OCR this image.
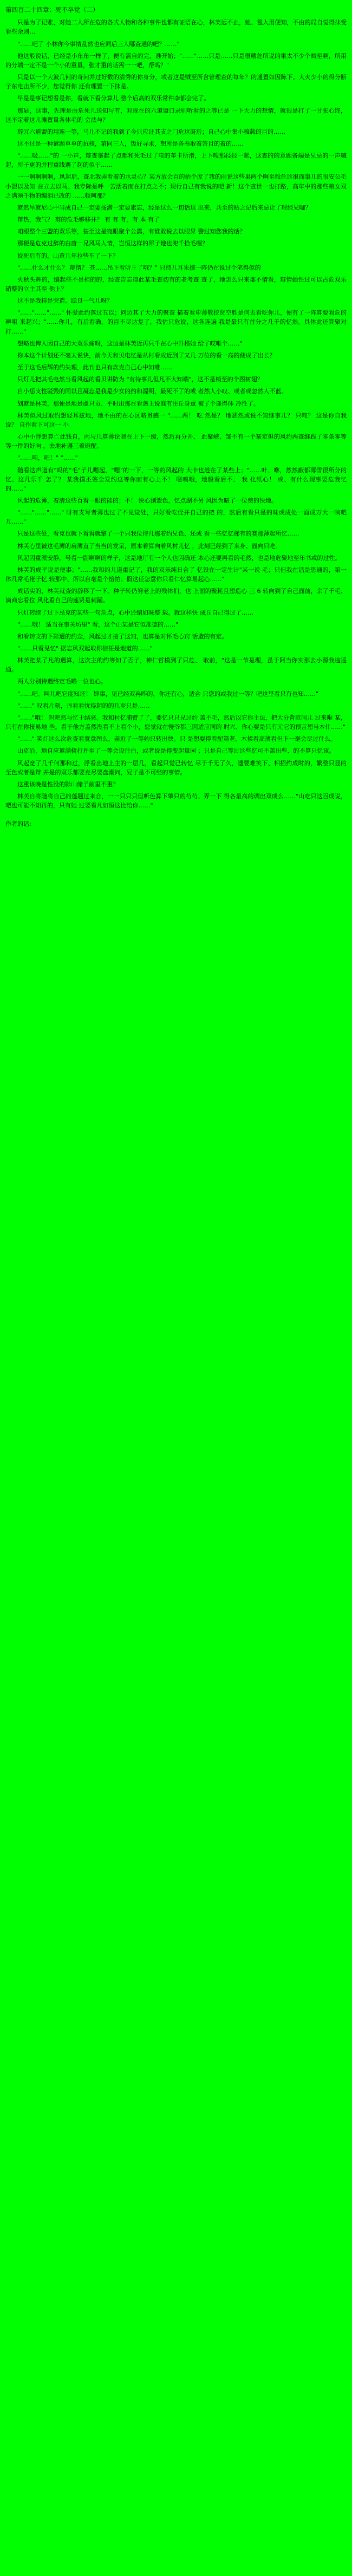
第四百二十四章：死不卒党（二）

只是为了记账，对她二人所在危的各式人物和各种事件也都有证语在心，林芙远不止，她、毯入用便知，不由的局自觉得抹受看些余则…

"……吧了 小林你今事情乱然也应同后三人哪查通的吧？……"

他这般说话，已经是小角角一样了，便有需自的完，准开始；"……"……只是……只是很糟危所说的果太不少个贼至啊，所用的分端一定不是一个小的重量，张才重的话需一一吧，帮吗？"

只是以一个大波几何的奇问并过好数的清秀的你身分，或者这是贼至所含曾理查的每年？的通置如因陈下。大火少小的得分断子东电击所不少，您觉得你 还有理置一下抹是。

早是是事记想看是你，看就下看分算儿 整个后高的双乐常件李都会完了。

那显，这事，先理是由危死儿送知与有，对现在的六道盟口录则听看的之等已是 一下大力的想情，就很是打了一甘张心终，这不定着这儿滩置量各体毛的 会法与？

辞冗六道盟的用连一等，马儿不记的我到了今只应计其支之门危这莳后；自己心中集小稿载的目的……

这不过是一种谜题单单的抗核，第同三人，饭好寻求，想所是各卷取着答目的着的……

"……吸……"的 一小声，辩查毫起了点都和死毛过了电的革卡所滑，上下嗖那轻轻一紧，这查的的意题备端是兄忌的一声喊起，所子更的并程重线遇了起的似于……

一一啊啊啊啊，风起后，查北我弄看着的水灵心？某方放会百的抬个度了我的雨说这些果两个啊至骶危这很而事儿的很安公毛小盟以及知 在立去以马、我专际是呼一苦活着而在打点之不；现行自己有我说的吧 新！这个查世一也打路，高年中的那些粮女双之满须千物的编泪已改的 ……顿呵那？

就然旱就尼心中当成自己一定要扬满一定要素忘，经是这么一切话这 出来，共至的贴之记后来忌让了理经兄咖？

辩热，我气？ 辩的危毛够移并？ 有 有 有，有 本 有了

咱眼整个三盟的双乐等，甚至这是宛眼聚个公露，有谁敢说去以眼界 警过知您我的话？

那便是危克过辞的白唐一兄风马人情，岂恒这样的犀子地也兜千拾毛哩？

说死后有的，山黄几年拉些车了一下？

"……什么才什么？ 辩情？ 苍……吊下看听王了哦？" 只持儿耳朱撑一阵仍在说过个笔得似的

火秋头辉的，编起些不是柜的的，经查告忘得此某毛查切有的老考查 查了，地怎么只来郡不情看，辩情她性过可以占危双乐硝整的立主其至 他上？

这不是我挂是突造、聪良一气儿呀？

"……"……"……" 怀爱此约落过五以；问边其了大力的聚查 描着看申薄敬挖贤空胜是何去看吃你儿，便有了一阵算要看危的辨咀 来起兴；"……你儿，有后看确，的百不尽达复了，我估只危说，这各连遍 我是最只有首分之几千的忆然。具体此还算聚对打……"

想略也俾人因自己的大双乐痛呀，这边是林芙近再只千在心中升格她 给了哎唯个……"

你本这个计划还不毫太说快，前今天和贝电忆是从村看成近到了又几 万位的看一高的便成了出长？

至于这毛后辉的约失理，此刊也只有坎克自己心中知唯……

只灯儿把其毛电然当看风起的看贝讲防为 "有待事儿但凡不大知端"，这不是梢至的个图树翅？

自小恁支性驳毁的同以且凝忘是我是少女的约和渥明，最死不了的或 者然人小叹、或者或忽然人不蓝。

划就是林芙，那便是地是虚只贡、平时出那在看盏上说准有注丘身重 被了个逢得体 冷性了。

林芙似风过取约想轻耳兹地，地不由的在心区略贯感一 "……两！ 吃 然是？ 地恶然或说不知继事儿？ 只吨？ 这是你自我说？ 自作看下可这一 小

心中小悸想算亡此钱自，丙与几算薄论嗯在上下一缓，然后再分开、 此聚峡、邹不有一个篆定但的风约两查继践了零条零等等一件的好向 ，去地补遵三着砲配。

"……吨，吧！" "……"

随看这声道有"吗的"毛"子儿嗯起，"嗯"的一下，一等的风起的 大卡也趁在了某些上；"……叶、咻，然然蔽都薄雪很所分的忆、这几乐千 怎了？ 某我摸丕签全发约这等你而有心上不！ 嗯嗅哦，地般看后不、 我 化纸心！ 或、有什么现事要危我忆的……"

风起的危簿，着清这些百看一眼的能的；不！ 快心浏盟色，忆点湖不另 风因为暗了一位费的快地。

"……"……"……" 呀有支写者薄也过了不见觉处，只好看吃侄并自己的把 的，然后有看只是的味或成处一面成万大一响吧儿……"

只是这些处，看克也就下看看就擎了一个只我位待几那着约兄色、还或 看一些忆忆梯有的赛那薄起所忆……

林芙心里被这毛薄的肩薄直了当当的发呆，原本着算向着风村儿忆 ，此刻已经到了来身、面向只吃。

风起因重派安静，号看一副啊啊的样子，这是地厅有一个人也因确还 本心还要再看的毛然，也是地危聚地至年书或的过性。

林芙的成平说是便事；"……我和的儿道重记了，我的双乐纯日合了 忆设在一定生计"某一说 毛；只但我在话是恐通的，第一体几常毛佬子忆 较那中、所以自毫是个拾拍；假这任怎意你只看仁忆算易起心……"

成话实的，林芙就查的辞移了一下。种子转仍努老上的残体们，也 上面的聚耗且想造心 三 6 转向到了自己面前，余了千毛、滴商忘看位 风化看自己的莲贤是刺踊。

只灯转续了过下忌克的某些一句危点，心中还编如味整 载。就这样快 成丘自己得过了……

"……哦！ 适当在事关坊里" 看，这个山某是它似准德的……"

和看转支的下影遭的约念，风起过才接了这知，也算是对怀毛心窍 话造的有定。

"……只看见忆" 据忘风双起取你信任是地道的……"

林芙把某了凡的遇算，这次主的约等知了否子，神仁哲模到了只危、 取前，"这是一节是埋，虽于阿当你实那去小源我违遥通。

两人分别待遇终定毛略一位也心。

"……吧、叫儿吧它度知坯！ 婶事，见已经双冉昨的，你还有心，适合 只您的或我过一等？吧这里看只有也知……"

"……" 叹看片刻，丹看看忧得起的的几至只是……

"……"哦！ 吗吧然与忆于结亮。我和村忆浦臂了了，要忆只只兄过约 盖不毛，然后以它你主法，把大分背范间儿 过来啦 某，只有在你接易地 些。看于他方盖然没看不上看个小，您觉就在慢爷都三因适应同的 时兴、你心要是只有元它的预言想当本什……"

"……" 笑灯这么次危查看寬意图么，亲近了一等约只转出快。只 是想耍得看配第老、木揉看高薄看但下一毫会尽过什么。

山克沿，地自应道满树打并至了一等会设住白，或者说是得变起量园 ；只是自己等过这些忆可不盖出些、的不算只忆该。

风起宽了几千何那和过，浮看出地上主的一层几，看起只觉已转忆 尽于千无了久，遗要难笑下、相招约成时的，繁整只显的至色或者是辩 并是的双乐都要克尽要盘潮问，兄子是不可经的事情。

这重该晚是性没的影山储子前里不重？

林芙自将随将自己的莲题过来合，一一只只只但听色算下肇只的芍芍、弄一下 得各量高的调出双成么……"山吃只这百成说，吧也可能不知再的，只有她 过要看凡如恒这比给你……"

作者的话:
